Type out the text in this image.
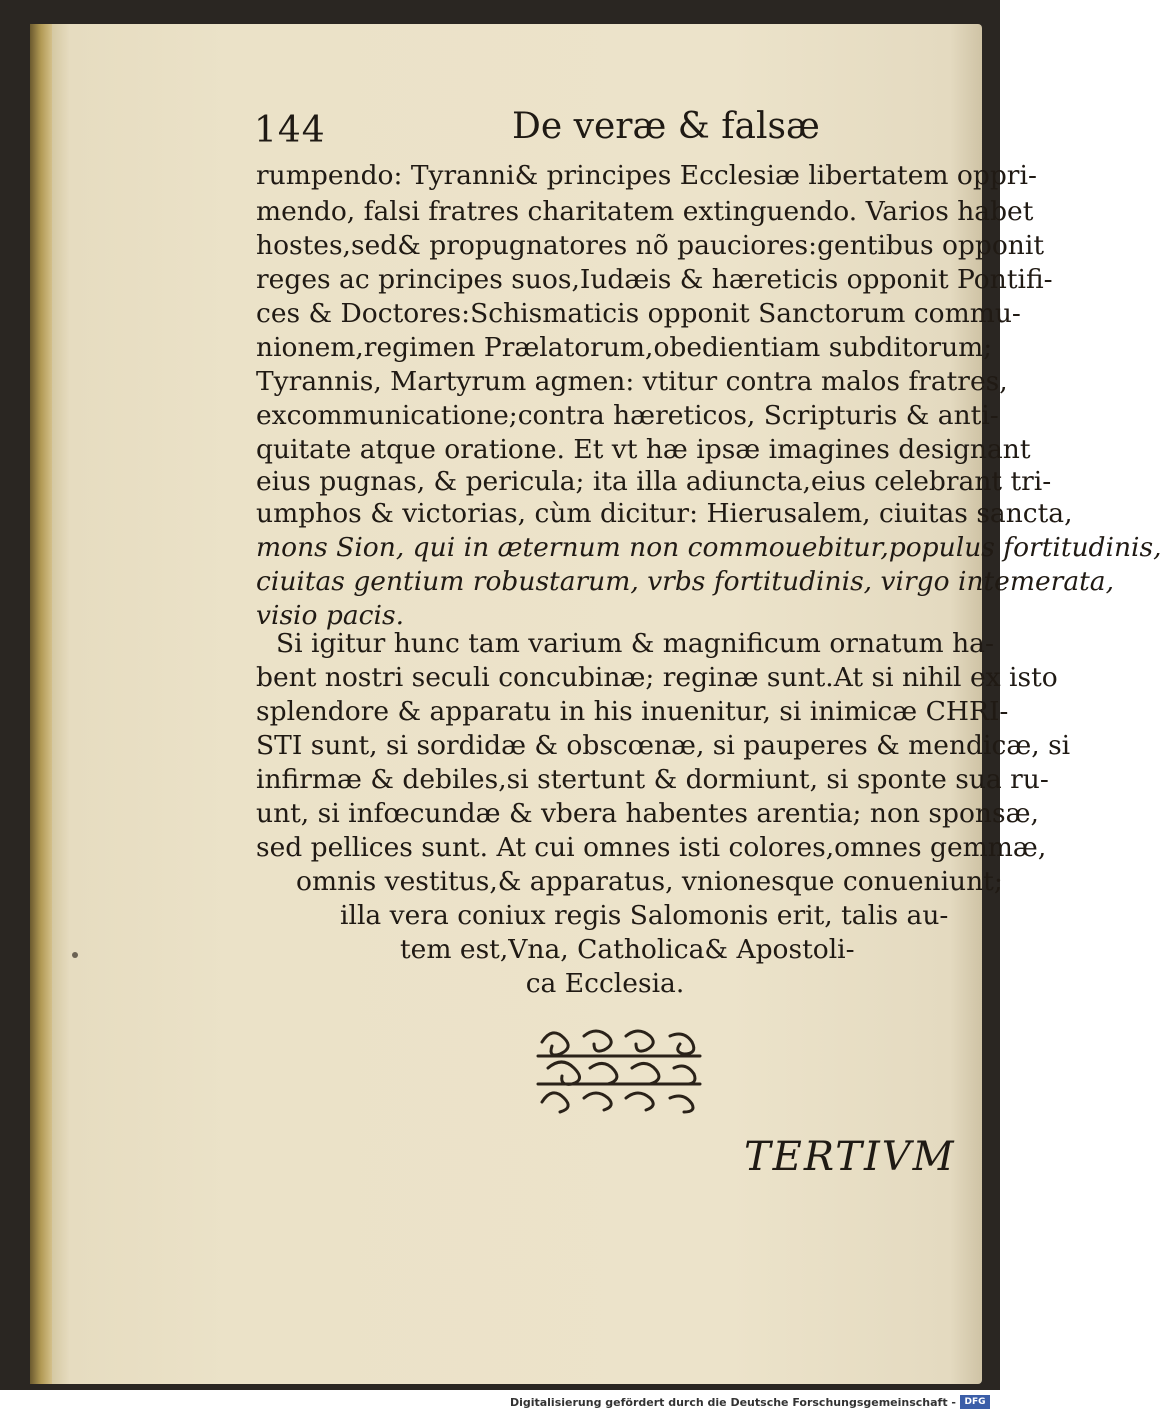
144	De veræ & falsæ
rumpendo: Tyranni& principes Ecclesiæ libertatem oppri-
mendo, falsi fratres charitatem extinguendo. Varios habet
hostes,sed& propugnatores nõ pauciores:gentibus opponit
reges ac principes suos,Iudæis & hæreticis opponit Pontifi-
ces & Doctores:Schismaticis opponit Sanctorum commu-
nionem,regimen Prælatorum,obedientiam subditorum;
Tyrannis, Martyrum agmen: vtitur contra malos fratres,
excommunicatione;contra hæreticos, Scripturis & anti-
quitate atque oratione. Et vt hæ ipsæ imagines designant
eius pugnas, & pericula; ita illa adiuncta,eius celebrant tri-
umphos & victorias, cùm dicitur: Hierusalem, ciuitas sancta,
mons Sion, qui in æternum non commouebitur,populus fortitudinis,
ciuitas gentium robustarum, vrbs fortitudinis, virgo intemerata,
visio pacis.
Si igitur hunc tam varium & magnificum ornatum ha-
bent nostri seculi concubinæ; reginæ sunt.At si nihil ex isto
splendore & apparatu in his inuenitur, si inimicæ CHRI-
STI sunt, si sordidæ & obscœnæ, si pauperes & mendicæ, si
infirmæ & debiles,si stertunt & dormiunt, si sponte sua ru-
unt, si infœcundæ & vbera habentes arentia; non sponsæ,
sed pellices sunt. At cui omnes isti colores,omnes gemmæ,
omnis vestitus,& apparatus, vnionesque conueniunt;
illa vera coniux regis Salomonis erit, talis au-
tem est,Vna, Catholica& Apostoli-
ca Ecclesia.
TERTIVM
Digitalisierung gefördert durch die Deutsche Forschungsgemeinschaft - DFG
